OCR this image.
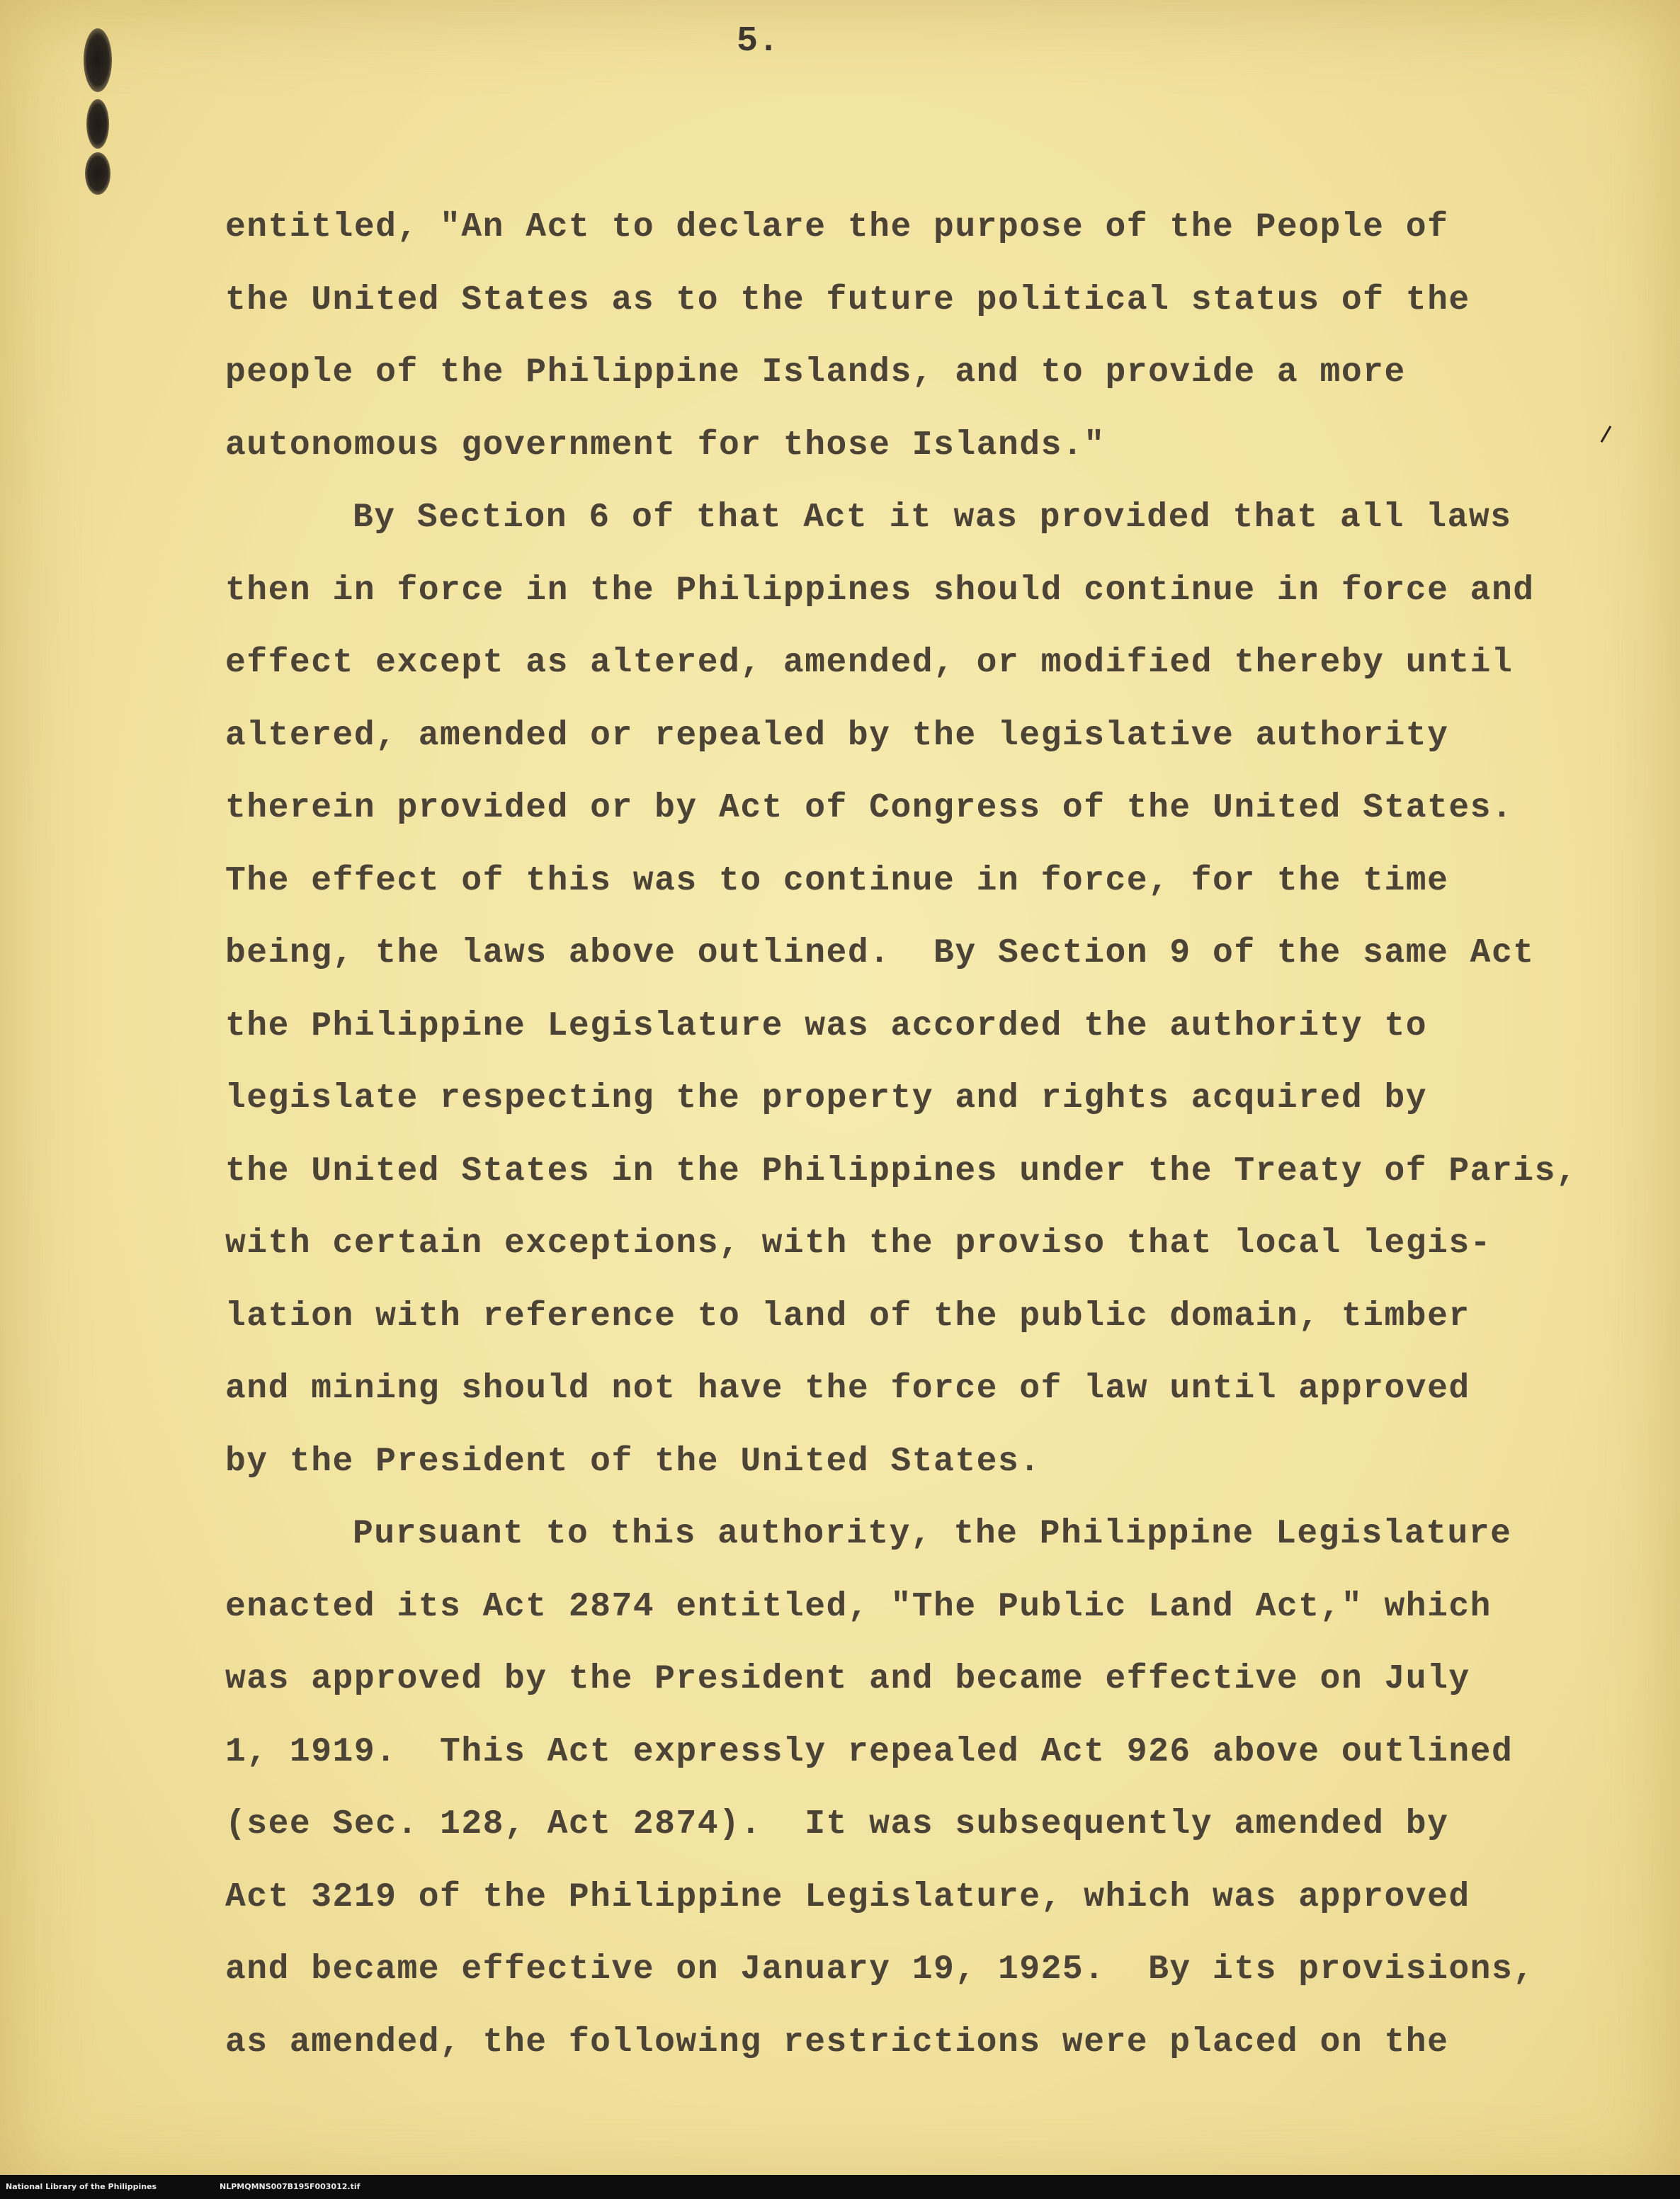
5.
entitled, "An Act to declare the purpose of the People of
the United States as to the future political status of the
people of the Philippine Islands, and to provide a more
autonomous government for those Islands."
By Section 6 of that Act it was provided that all laws
then in force in the Philippines should continue in force and
effect except as altered, amended, or modified thereby until
altered, amended or repealed by the legislative authority
therein provided or by Act of Congress of the United States.
The effect of this was to continue in force, for the time
being, the laws above outlined.  By Section 9 of the same Act
the Philippine Legislature was accorded the authority to
legislate respecting the property and rights acquired by
the United States in the Philippines under the Treaty of Paris,
with certain exceptions, with the proviso that local legis-
lation with reference to land of the public domain, timber
and mining should not have the force of law until approved
by the President of the United States.
Pursuant to this authority, the Philippine Legislature
enacted its Act 2874 entitled, "The Public Land Act," which
was approved by the President and became effective on July
1, 1919.  This Act expressly repealed Act 926 above outlined
(see Sec. 128, Act 2874).  It was subsequently amended by
Act 3219 of the Philippine Legislature, which was approved
and became effective on January 19, 1925.  By its provisions,
as amended, the following restrictions were placed on the
National Library of the Philippines	NLPMQMNS007B195F003012.tif
